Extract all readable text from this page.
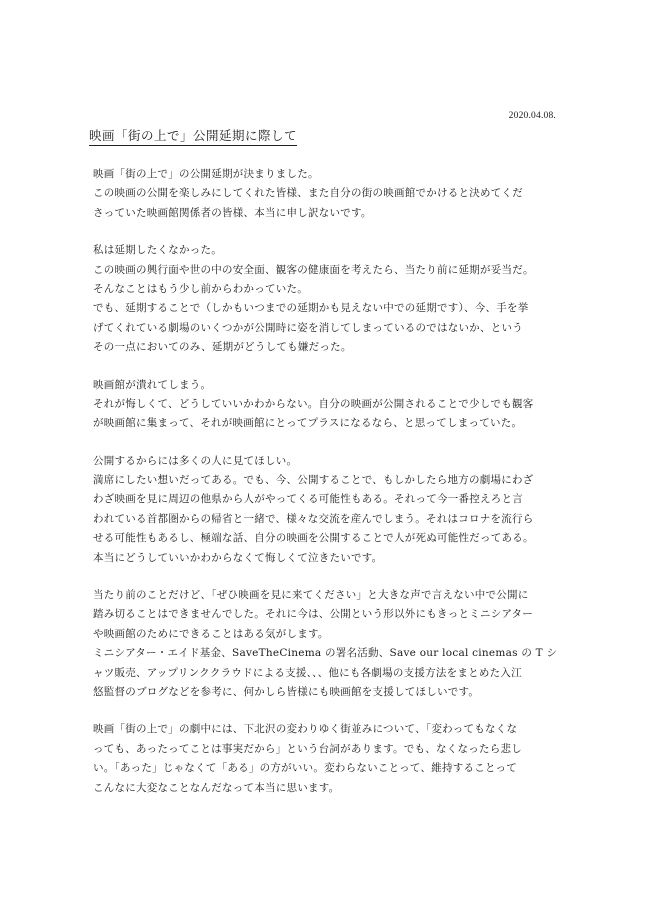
2020.04.08.
映画「街の上で」公開延期に際して
映画「街の上で」の公開延期が決まりました。
この映画の公開を楽しみにしてくれた皆様、また自分の街の映画館でかけると決めてくだ
さっていた映画館関係者の皆様、本当に申し訳ないです。
私は延期したくなかった。
この映画の興行面や世の中の安全面、観客の健康面を考えたら、当たり前に延期が妥当だ。
そんなことはもう少し前からわかっていた。
でも、延期することで（しかもいつまでの延期かも見えない中での延期です）、今、手を挙
げてくれている劇場のいくつかが公開時に姿を消してしまっているのではないか、という
その一点においてのみ、延期がどうしても嫌だった。
映画館が潰れてしまう。
それが悔しくて、どうしていいかわからない。自分の映画が公開されることで少しでも観客
が映画館に集まって、それが映画館にとってプラスになるなら、と思ってしまっていた。
公開するからには多くの人に見てほしい。
満席にしたい想いだってある。でも、今、公開することで、もしかしたら地方の劇場にわざ
わざ映画を見に周辺の他県から人がやってくる可能性もある。それって今一番控えろと言
われている首都圏からの帰省と一緒で、様々な交流を産んでしまう。それはコロナを流行ら
せる可能性もあるし、極端な話、自分の映画を公開することで人が死ぬ可能性だってある。
本当にどうしていいかわからなくて悔しくて泣きたいです。
当たり前のことだけど、「ぜひ映画を見に来てください」と大きな声で言えない中で公開に
踏み切ることはできませんでした。それに今は、公開という形以外にもきっとミニシアター
や映画館のためにできることはある気がします。
ミニシアター・エイド基金、SaveTheCinema の署名活動、Save our local cinemas の T シ
ャツ販売、アップリンククラウドによる支援、、、他にも各劇場の支援方法をまとめた入江
悠監督のブログなどを参考に、何かしら皆様にも映画館を支援してほしいです。
映画「街の上で」の劇中には、下北沢の変わりゆく街並みについて、「変わってもなくな
っても、あったってことは事実だから」という台詞があります。でも、なくなったら悲し
い。「あった」じゃなくて「ある」の方がいい。変わらないことって、維持することって
こんなに大変なことなんだなって本当に思います。
